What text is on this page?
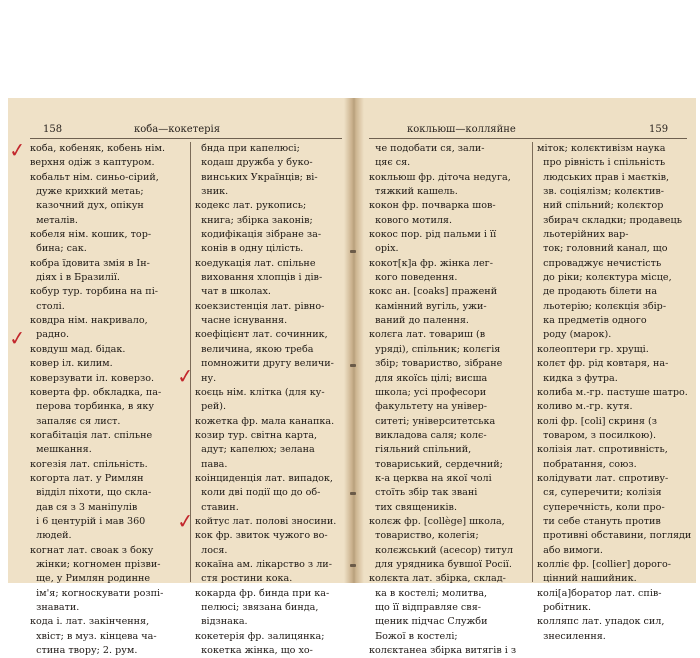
158	коба—кокетерія
коба, кобеняк, кобень нім.
верхня одіж з каптуром.
кобальт нім. синьо-сірий,
дуже крихкий метаь;
казочний дух, опікун
металів.
кобеля нім. кошик, тор-
бина; сак.
кобра їдовита змія в Ін-
діях і в Бразилії.
кобур тур. торбина на пі-
столі.
ковдра нім. накривало,
радно.
ковдуш мад. бідак.
ковер іл. килим.
коверзувати іл. коверзо.
коверта фр. обкладка, па-
перова торбинка, в яку
запаляє ся лист.
когабітація лат. спільне
мешкання.
когезія лат. спільність.
когорта лат. у Римлян
відділ піхоти, що скла-
дав ся з 3 маніпулів
і 6 центурій і мав 360
людей.
когнат лат. своак з боку
жінки; когномен прізви-
ще, у Римлян родинне
ім'я; когноскувати розпі-
знавати.
кода і. лат. закінчення,
хвіст; в муз. кінцева ча-
стина твору; 2. рум.
бнда при капелюсі;
кодаш дружба у буко-
винських Українців; ві-
зник.
кодекс лат. рукопись;
книга; збірка законів;
кодифікація зібране за-
конів в одну цілість.
коедукація лат. спільне
виховання хлопців і дів-
чат в школах.
коекзистенція лат. рівно-
часне існування.
коефіцієнт лат. сочинник,
величина, якою треба
помножити другу величи-
ну.
коєць нім. клітка (для ку-
рей).
кожетка фр. мала канапка.
козир тур. світна карта,
адут; капелюх; зелана
пава.
коінциденція лат. випадок,
коли дві події що до об-
ставин.
койтус лат. полові зносини.
кок фр. звиток чужого во-
лося.
кокаїна ам. лікарство з ли-
стя ростини кока.
кокарда фр. бинда при ка-
пелюсі; звязана бинда,
відзнака.
кокетерія фр. залицянка;
кокетка жінка, що хо-
кокльюш—колляйне	159
че подобати ся, зали-
цяє ся.
кокльюш фр. діточа недуга,
тяжкий кашель.
кокон фр. почварка шов-
кового мотиля.
кокос пор. рід пальми і її
оріх.
кокот[к]а фр. жінка лег-
кого поведення.
кокс ан. [coaks] праженй
камінний вугіль, ужи-
ваний до палення.
колєга лат. товариш (в
уряді), спільник; колєгія
збір; товариство, зібране
для якоїсь цілі; висша
школа; усі професори
факультету на універ-
ситеті; університетська
викладова саля; колє-
гіяльний спільний,
товариський, сердечний;
к-а церква на якої чолі
стоїть збір так звані
тих священиків.
колєж фр. [collège] школа,
товариство, колегія;
колєжський (асесор) титул
для урядника бувшої Росії.
колєкта лат. збірка, склад-
ка в костелі; молитва,
що її відправляе свя-
щеник підчас Служби
Божої в костелі;
колєктанеа збірка витягів і з
міток; колєктивізм наука
про рівність і спільність
людських прав і маєтків,
зв. соціялізм; колєктив-
ний спільний; колєктор
збирач складки; продавець
льотерійних вар-
ток; головний канал, що
спроваджує нечистість
до ріки; колєктура місце,
де продають білети на
льотерію; колєкція збір-
ка предметів одного
роду (марок).
колеоптери гр. хрущі.
колєт фр. рід ковтаря, на-
кидка з футра.
колиба м.-гр. пастуше шатро.
коливо м.-гр. кутя.
колі фр. [coli] скриня (з
товаром, з посилкою).
колізія лат. спротивність,
побратання, союз.
колідувати лат. спротиву-
ся, суперечити; колізія
суперечність, коли про-
ти себе стануть против
противні обставини, погляди
або вимоги.
колліє фр. [collier] дорого-
цінний нашийник.
колі[а]боратор лат. спів-
робітник.
колляпс лат. упадок сил,
знесилення.
✓
✓
✓
✓
